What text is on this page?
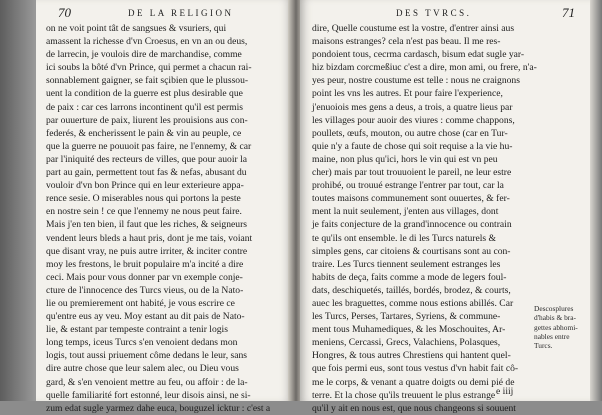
70	DE LA RELIGION
on ne voit point tât de sangsues & vsuriers, qui
amassent la richesse d'vn Croesus, en vn an ou deus,
de larrecin, je voulois dire de marchandise, comme
ici soubs la bôté d'vn Prince, qui permet a chacun rai-
sonnablement gaigner, se fait sçibien que le plussou-
uent la condition de la guerre est plus desirable que
de paix : car ces larrons incontinent qu'il est permis
par ouuerture de paix, liurent les prouisions aus con-
federés, & encherissent le pain & vin au peuple, ce
que la guerre ne pouuoit pas faire, ne l'ennemy, & car
par l'iniquité des recteurs de villes, que pour auoir la
part au gain, permettent tout fas & nefas, abusant du
vouloir d'vn bon Prince qui en leur exterieure appa-
rence sesie. O miserables nous qui portons la peste
en nostre sein ! ce que l'ennemy ne nous peut faire.
Mais j'en ten bien, il faut que les riches, & seigneurs
vendent leurs bleds a haut pris, dont je me tais, voiant
que disant vray, ne puis autre irriter, & inciter contre
moy les frestons, le bruit populaire m'a incité a dire
ceci. Mais pour vous donner par vn exemple conje-
cture de l'innocence des Turcs vieus, ou de la Nato-
lie ou premierement ont habité, je vous escrire ce
qu'entre eus ay veu. Moy estant au dit pais de Nato-
lie, & estant par tempeste contraint a tenir logis
long temps, iceus Turcs s'en venoient dedans mon
logis, tout aussi priuement côme dedans le leur, sans
dire autre chose que leur salem alec, ou Dieu vous
gard, & s'en venoient mettre au feu, ou affoir : de la-
quelle familiarité fort estonné, leur disois ainsi, ne si-
zum edat sugle yarmez dahe euca, bouguzel icktur : c'est a
DES TVRCS.	71
dire, Quelle coustume est la vostre, d'entrer ainsi aus
maisons estranges? cela n'est pas beau. Il me res-
pondoient tous, cecrma cardasch, bisum edat sugle yar-
hiz bizdam corcmeßiuc c'est a dire, mon ami, ou frere, n'a-
yes peur, nostre coustume est telle : nous ne craignons
point les vns les autres. Et pour faire l'experience,
j'enuoiois mes gens a deus, a trois, a quatre lieus par
les villages pour auoir des viures : comme chappons,
poullets, œufs, mouton, ou autre chose (car en Tur-
quie n'y a faute de chose qui soit requise a la vie hu-
maine, non plus qu'ici, hors le vin qui est vn peu
cher) mais par tout trouuoient le pareil, ne leur estre
prohibé, ou trouué estrange l'entrer par tout, car la
toutes maisons communement sont ouuertes, & fer-
ment la nuit seulement, j'enten aus villages, dont
je faits conjecture de la grand'innocence ou contrain
te qu'ils ont ensemble. le di les Turcs naturels &
simples gens, car citoiens & courtisans sont au con-
traire. Les Turcs tiennent seulement estranges les
habits de deça, faits comme a mode de legers foul-
dats, deschiquetés, taillés, bordés, brodez, & courts,
auec les braguettes, comme nous estions abillés. Car
les Turcs, Perses, Tartares, Syriens, & commune-
ment tous Muhamediques, & les Moschouites, Ar-
meniens, Cercassi, Grecs, Valachiens, Polasques,
Hongres, & tous autres Chrestiens qui hantent quel-
que fois permi eus, sont tous vestus d'vn habit fait cô-
me le corps, & venant a quatre doigts ou demi pié de
terre. Et la chose qu'ils treuuent le plus estrange
qu'il y ait en nous est, que nous changeons si souuent
Descosplures
d'habis & bra-
gettes abhomi-
nables entre
Turcs.
e iiij
